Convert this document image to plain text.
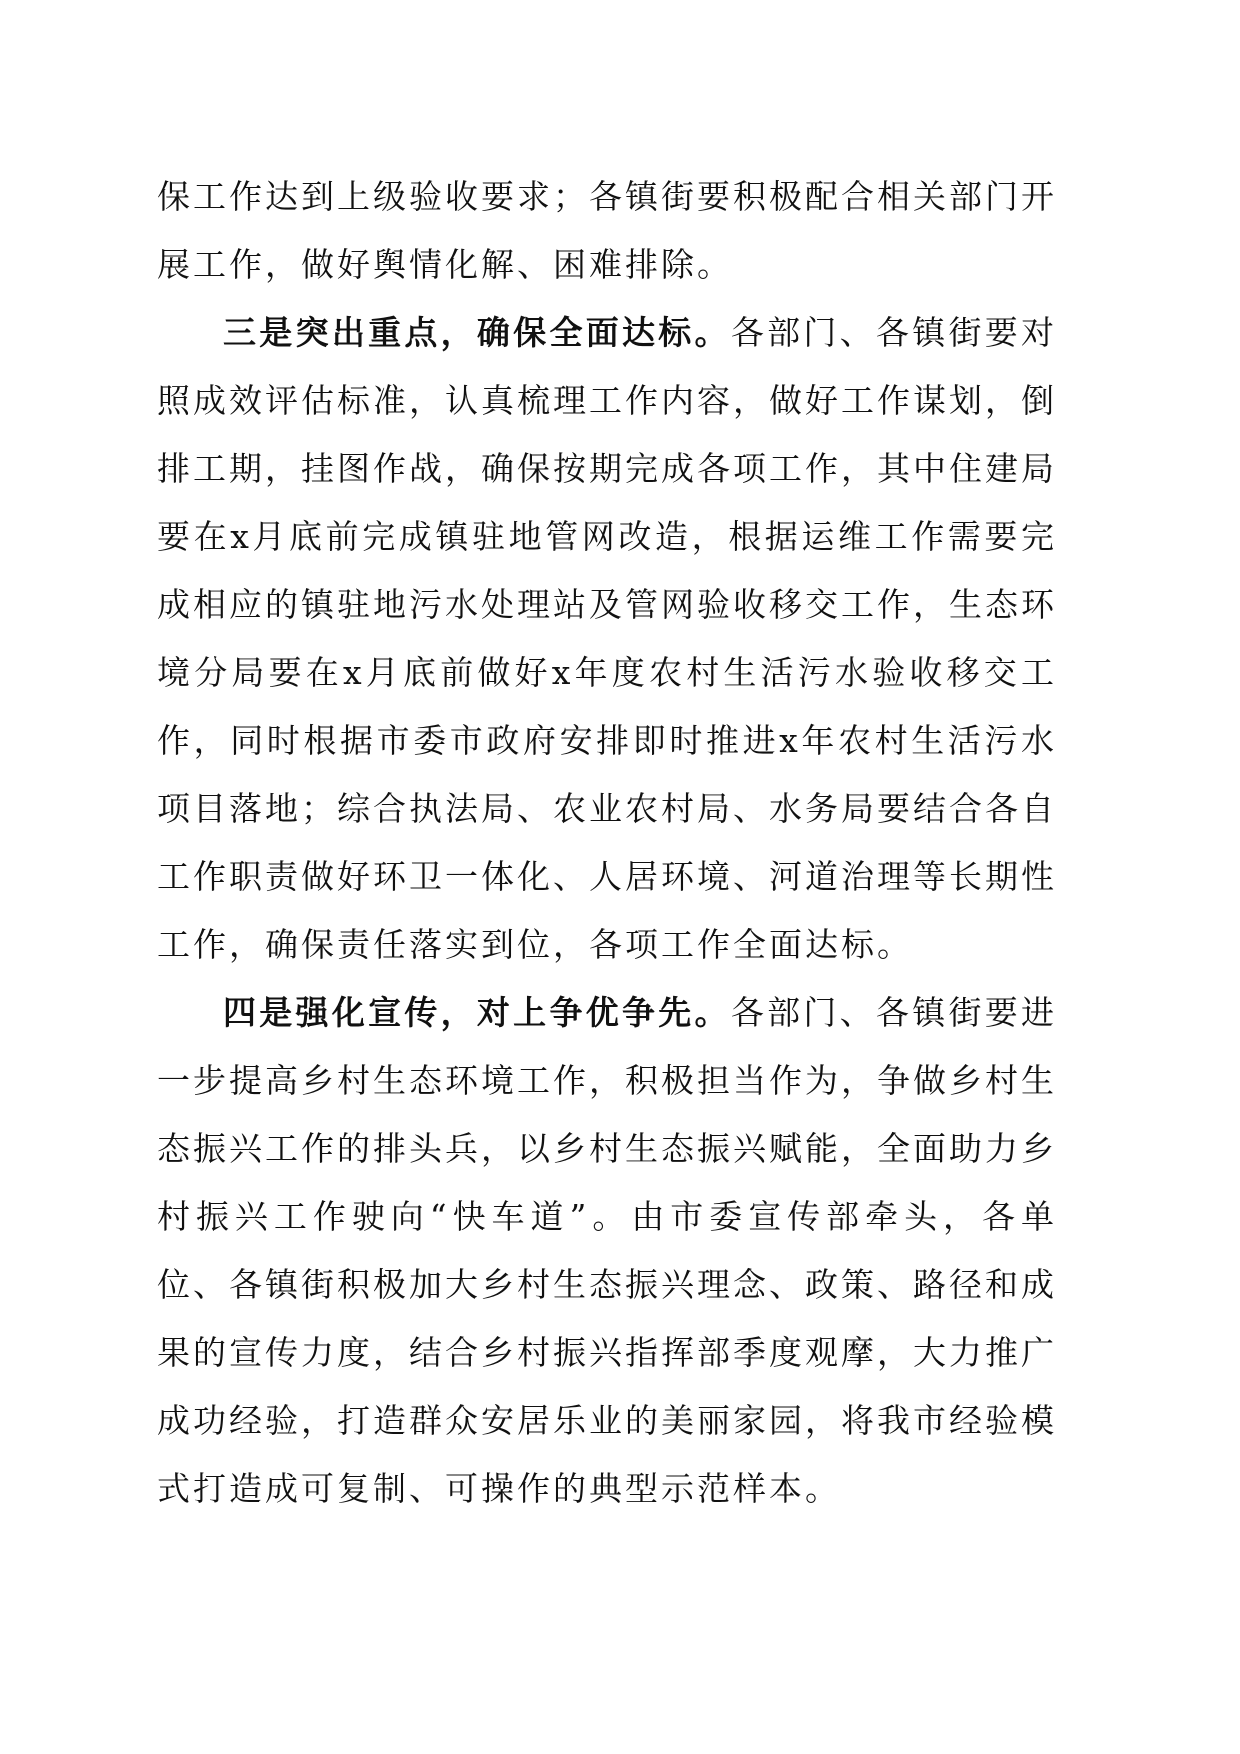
保工作达到上级验收要求；各镇街要积极配合相关部门开展工作，做好舆情化解、困难排除。

三是突出重点，确保全面达标。各部门、各镇街要对照成效评估标准，认真梳理工作内容，做好工作谋划，倒排工期，挂图作战，确保按期完成各项工作，其中住建局要在x月底前完成镇驻地管网改造，根据运维工作需要完成相应的镇驻地污水处理站及管网验收移交工作，生态环境分局要在x月底前做好x年度农村生活污水验收移交工作，同时根据市委市政府安排即时推进x年农村生活污水项目落地；综合执法局、农业农村局、水务局要结合各自工作职责做好环卫一体化、人居环境、河道治理等长期性工作，确保责任落实到位，各项工作全面达标。

四是强化宣传，对上争优争先。各部门、各镇街要进一步提高乡村生态环境工作，积极担当作为，争做乡村生态振兴工作的排头兵，以乡村生态振兴赋能，全面助力乡村振兴工作驶向“快车道”。由市委宣传部牵头，各单位、各镇街积极加大乡村生态振兴理念、政策、路径和成果的宣传力度，结合乡村振兴指挥部季度观摩，大力推广成功经验，打造群众安居乐业的美丽家园，将我市经验模式打造成可复制、可操作的典型示范样本。
